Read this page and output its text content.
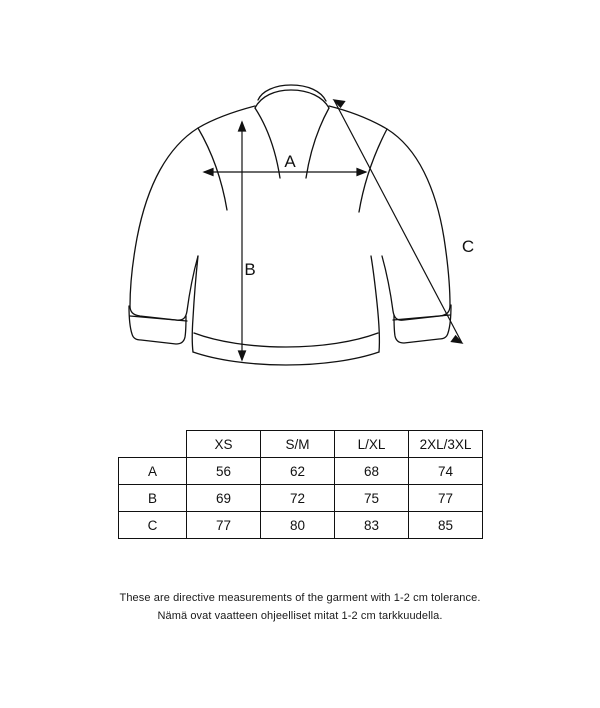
A
B
C
	XS	S/M	L/XL	2XL/3XL
A	56	62	68	74
B	69	72	75	77
C	77	80	83	85

These are directive measurements of the garment with 1-2 cm tolerance.

Nämä ovat vaatteen ohjeelliset mitat 1-2 cm tarkkuudella.
